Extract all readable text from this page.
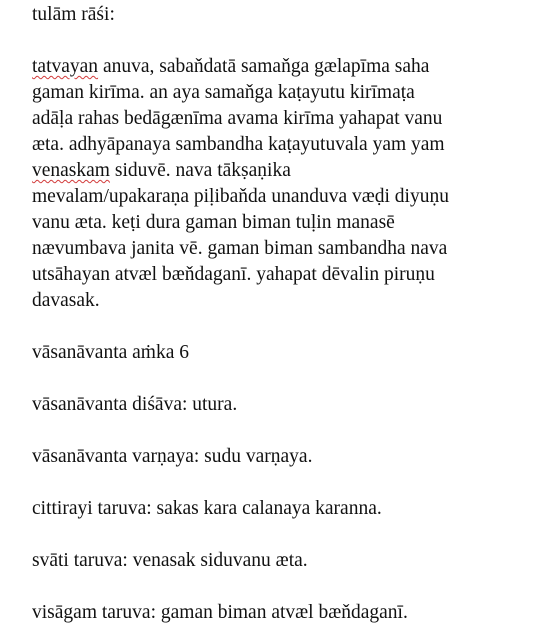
tulām rāśi:
tatvayan anuva, sabaňdatā samaňga gælapīma saha
gaman kirīma. an aya samaňga kaṭayutu kirīmaṭa
adāḷa rahas bedāgænīma avama kirīma yahapat vanu
æta. adhyāpanaya sambandha kaṭayutuvala yam yam
venaskam siduvē. nava tākṣaṇika
mevalam/upakaraṇa piḷibaňda unanduva væḍi diyuṇu
vanu æta. keṭi dura gaman biman tuḷin manasē
nævumbava janita vē. gaman biman sambandha nava
utsāhayan atvæl bæňdaganī. yahapat dēvalin piruṇu
davasak.
vāsanāvanta aṁka 6
vāsanāvanta diśāva: utura.
vāsanāvanta varṇaya: sudu varṇaya.
cittirayi taruva: sakas kara calanaya karanna.
svāti taruva: venasak siduvanu æta.
visāgam taruva: gaman biman atvæl bæňdaganī.
